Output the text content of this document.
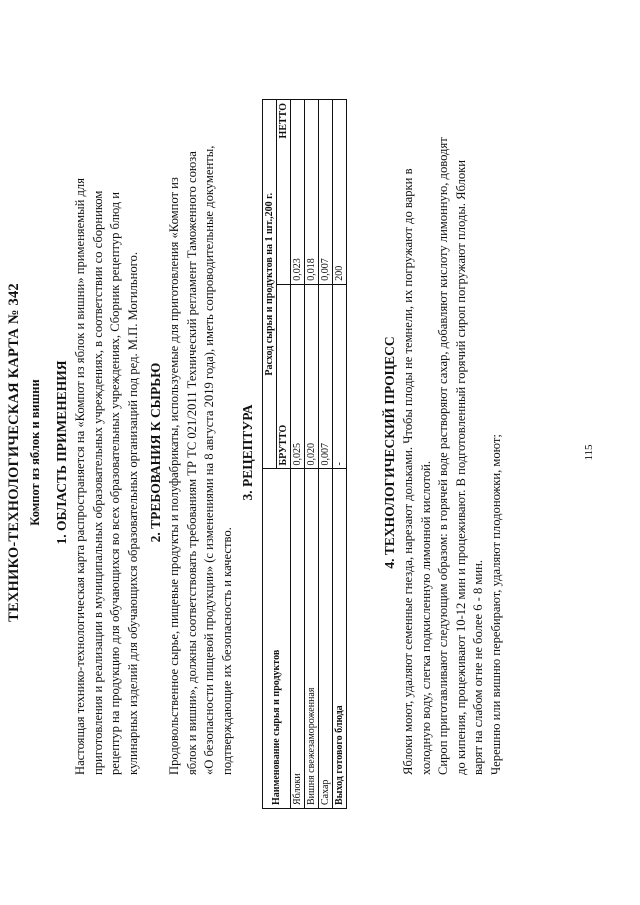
ТЕХНИКО-ТЕХНОЛОГИЧЕСКАЯ КАРТА № 342 Компот из яблок и вишни 1. ОБЛАСТЬ ПРИМЕНЕНИЯ Настоящая технико-технологическая карта распространяется на «Компот из яблок и вишни» применяемый для приготовления и реализации в муниципальных образовательных учреждениях, в соответствии со сборником рецептур на продукцию для обучающихся во всех образовательных учреждениях, Сборник рецептур блюд и кулинарных изделий для обучающихся образовательных организаций под ред. М.П. Могильного. 2. ТРЕБОВАНИЯ К СЫРЬЮ Продовольственное сырье, пищевые продукты и полуфабрикаты, используемые для приготовления «Компот из яблок и вишни», должны соответствовать требованиям ТР ТС 021/2011 Технический регламент Таможенного союза «О безопасности пищевой продукции» (с изменениями на 8 августа 2019 года), иметь сопроводительные документы, подтверждающие их безопасность и качество.
3. РЕЦЕПТУРА
Наименование сырья и продуктов	Расход сырья и продуктов на 1 шт.,200 г.	
	БРУТТО	НЕТТО
Яблоки	0,025	0,023
Вишня свежезамороженная	0,020	0,018
Сахар	0,007	0,007
Выход готового блюда	-	200
4. ТЕХНОЛОГИЧЕСКИЙ ПРОЦЕСС Яблоки моют, удаляют семенные гнезда, нарезают дольками. Чтобы плоды не темнели, их погружают до варки в холодную воду, слегка подкисленную лимонной кислотой. Сироп приготавливают следующим образом: в горячей воде растворяют сахар, добавляют кислоту лимонную, доводят до кипения, процеживают 10-12 мин и процеживают. В подготовленный горячий сироп погружают плоды. Яблоки варят на слабом огне не более 6 - 8 мин. Черешню или вишню перебирают, удаляют плодоножки, моют;	115
